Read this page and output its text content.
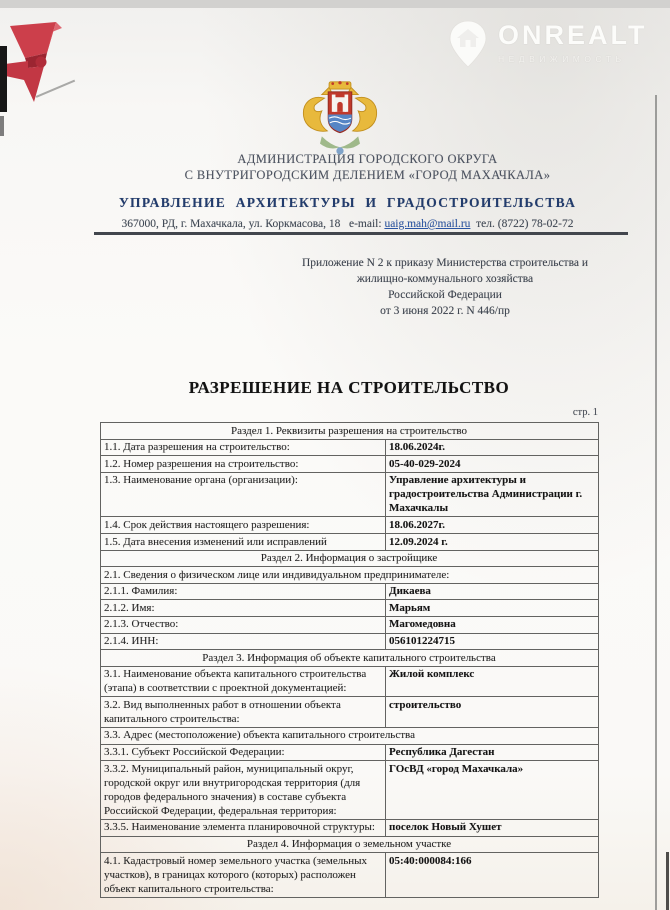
ONREALT
НЕДВИЖИМОСТЬ
АДМИНИСТРАЦИЯ ГОРОДСКОГО ОКРУГА
С ВНУТРИГОРОДСКИМ ДЕЛЕНИЕМ «ГОРОД МАХАЧКАЛА»
УПРАВЛЕНИЕ АРХИТЕКТУРЫ И ГРАДОСТРОИТЕЛЬСТВА
367000, РД, г. Махачкала, ул. Коркмасова, 18 e-mail: uaig.mah@mail.ru тел. (8722) 78-02-72
Приложение N 2 к приказу Министерства строительства и
жилищно-коммунального хозяйства
Российской Федерации
от 3 июня 2022 г. N 446/пр
РАЗРЕШЕНИЕ НА СТРОИТЕЛЬСТВО
стр. 1
Раздел 1. Реквизиты разрешения на строительство	
1.1. Дата разрешения на строительство:	18.06.2024г.
1.2. Номер разрешения на строительство:	05-40-029-2024
1.3. Наименование органа (организации):	Управление архитектуры и градостроительства Администрации г. Махачкалы
1.4. Срок действия настоящего разрешения:	18.06.2027г.
1.5. Дата внесения изменений или исправлений	12.09.2024 г.
Раздел 2. Информация о застройщике	
2.1. Сведения о физическом лице или индивидуальном предпринимателе:	
2.1.1. Фамилия:	Дикаева
2.1.2. Имя:	Марьям
2.1.3. Отчество:	Магомедовна
2.1.4. ИНН:	056101224715
Раздел 3. Информация об объекте капитального строительства	
3.1. Наименование объекта капитального строительства (этапа) в соответствии с проектной документацией:	Жилой комплекс
3.2. Вид выполненных работ в отношении объекта капитального строительства:	строительство
3.3. Адрес (местоположение) объекта капитального строительства	
3.3.1. Субъект Российской Федерации:	Республика Дагестан
3.3.2. Муниципальный район, муниципальный округ, городской округ или внутригородская территория (для городов федерального значения) в составе субъекта Российской Федерации, федеральная территория:	ГОсВД «город Махачкала»
3.3.5. Наименование элемента планировочной структуры:	поселок Новый Хушет
Раздел 4. Информация о земельном участке	
4.1. Кадастровый номер земельного участка (земельных участков), в границах которого (которых) расположен объект капитального строительства:	05:40:000084:166
